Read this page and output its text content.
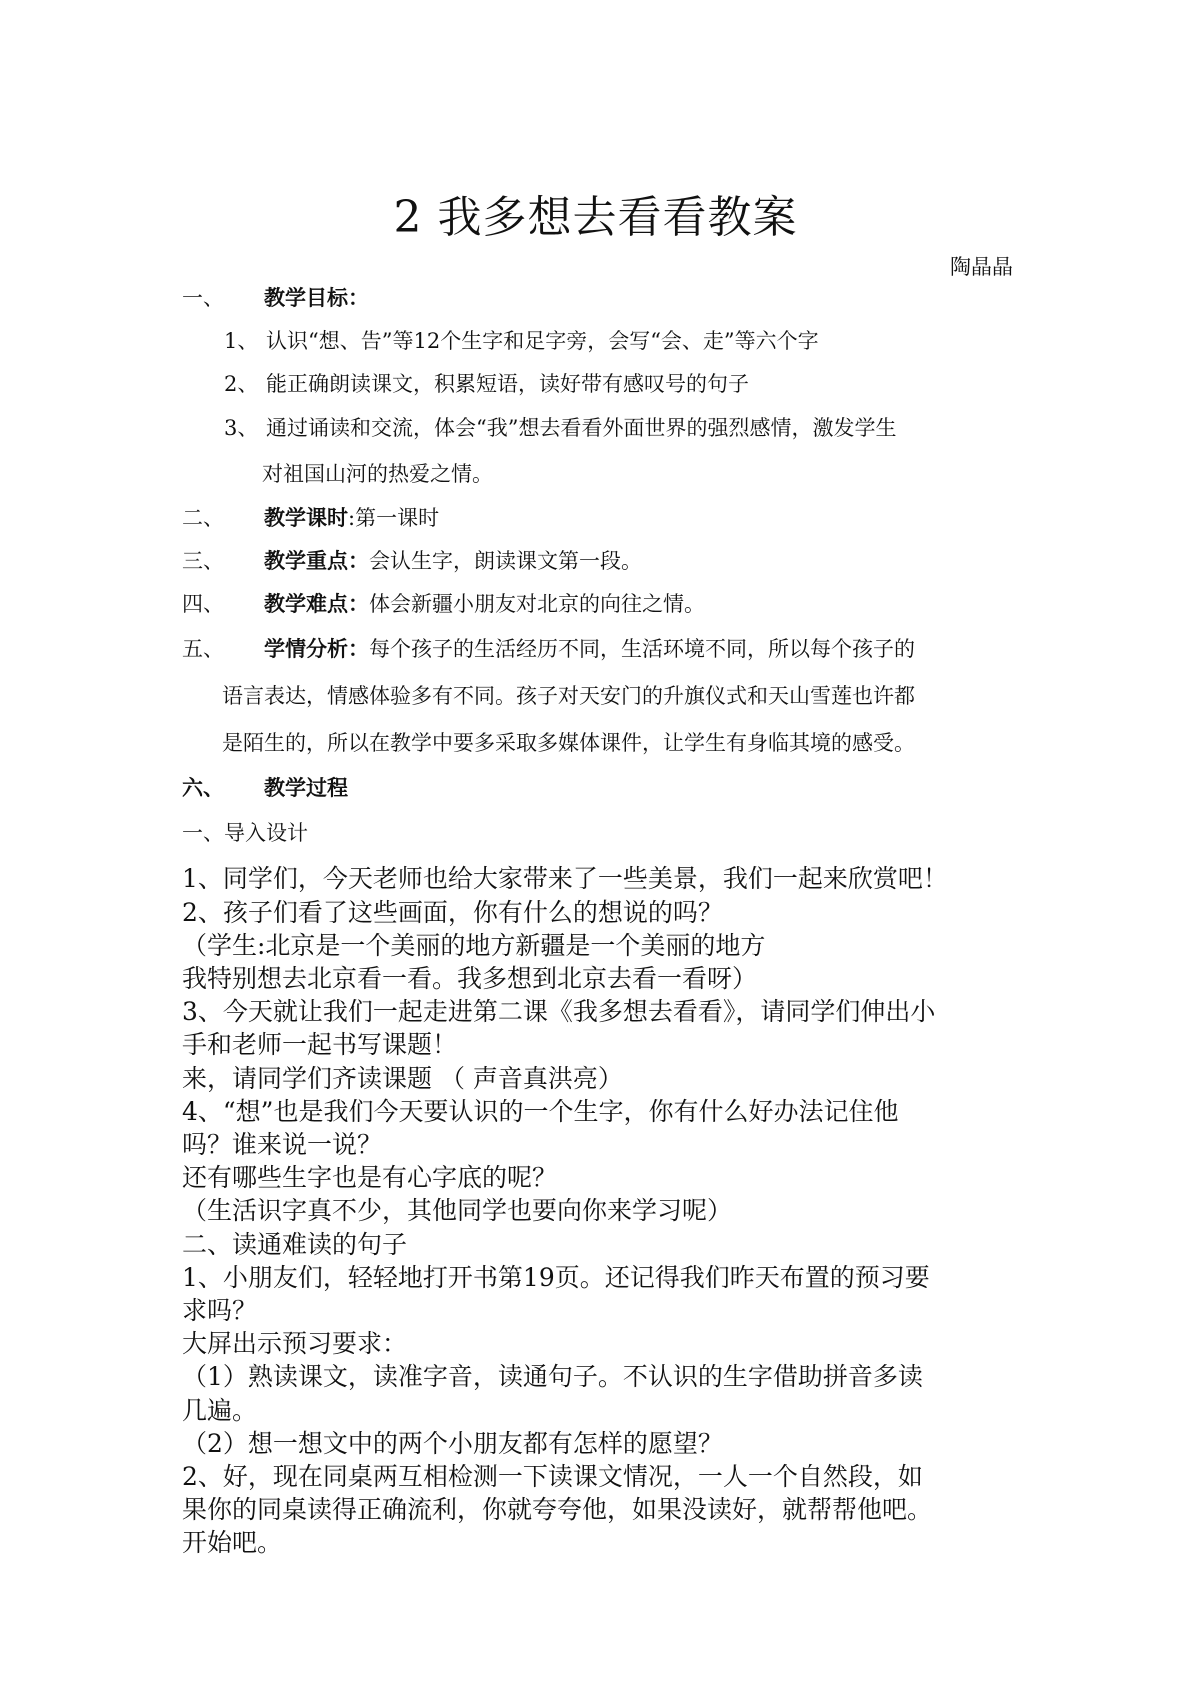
2 我多想去看看教案
陶晶晶
一、 教学目标：
1、 认识“想、告”等12个生字和足字旁，会写“会、走”等六个字
2、 能正确朗读课文，积累短语，读好带有感叹号的句子
3、 通过诵读和交流，体会“我”想去看看外面世界的强烈感情，激发学生
对祖国山河的热爱之情。
二、 教学课时:第一课时
三、 教学重点：会认生字，朗读课文第一段。
四、 教学难点：体会新疆小朋友对北京的向往之情。
五、 学情分析：每个孩子的生活经历不同，生活环境不同，所以每个孩子的
语言表达，情感体验多有不同。孩子对天安门的升旗仪式和天山雪莲也许都
是陌生的，所以在教学中要多采取多媒体课件，让学生有身临其境的感受。
六、 教学过程
一、导入设计
1、同学们，今天老师也给大家带来了一些美景，我们一起来欣赏吧！
2、孩子们看了这些画面，你有什么的想说的吗？
（学生:北京是一个美丽的地方新疆是一个美丽的地方
我特别想去北京看一看。我多想到北京去看一看呀）
3、今天就让我们一起走进第二课《我多想去看看》，请同学们伸出小
手和老师一起书写课题！
来，请同学们齐读课题 （ 声音真洪亮）
4、“想”也是我们今天要认识的一个生字，你有什么好办法记住他
吗？谁来说一说？
还有哪些生字也是有心字底的呢？
（生活识字真不少，其他同学也要向你来学习呢）
二、读通难读的句子
1、小朋友们，轻轻地打开书第19页。还记得我们昨天布置的预习要
求吗？
大屏出示预习要求：
（1）熟读课文，读准字音，读通句子。不认识的生字借助拼音多读
几遍。
（2）想一想文中的两个小朋友都有怎样的愿望？
2、好，现在同桌两互相检测一下读课文情况，一人一个自然段，如
果你的同桌读得正确流利，你就夸夸他，如果没读好，就帮帮他吧。
开始吧。
